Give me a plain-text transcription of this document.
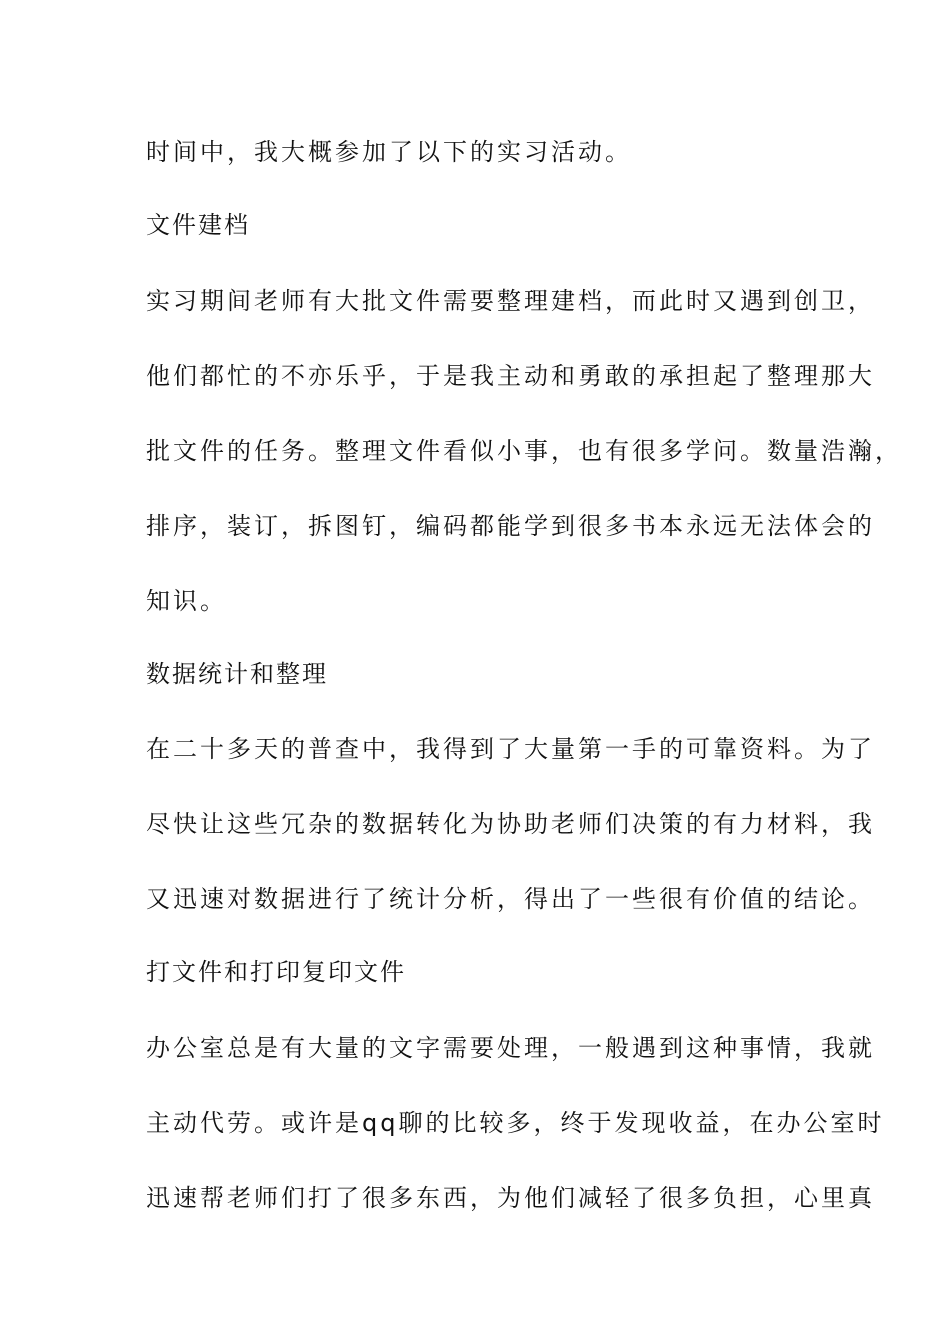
时间中，我大概参加了以下的实习活动。
文件建档
实习期间老师有大批文件需要整理建档，而此时又遇到创卫，
他们都忙的不亦乐乎，于是我主动和勇敢的承担起了整理那大
批文件的任务。整理文件看似小事，也有很多学问。数量浩瀚，
排序，装订，拆图钉，编码都能学到很多书本永远无法体会的
知识。
数据统计和整理
在二十多天的普查中，我得到了大量第一手的可靠资料。为了
尽快让这些冗杂的数据转化为协助老师们决策的有力材料，我
又迅速对数据进行了统计分析，得出了一些很有价值的结论。
打文件和打印复印文件
办公室总是有大量的文字需要处理，一般遇到这种事情，我就
主动代劳。或许是qq聊的比较多，终于发现收益，在办公室时
迅速帮老师们打了很多东西，为他们减轻了很多负担，心里真
